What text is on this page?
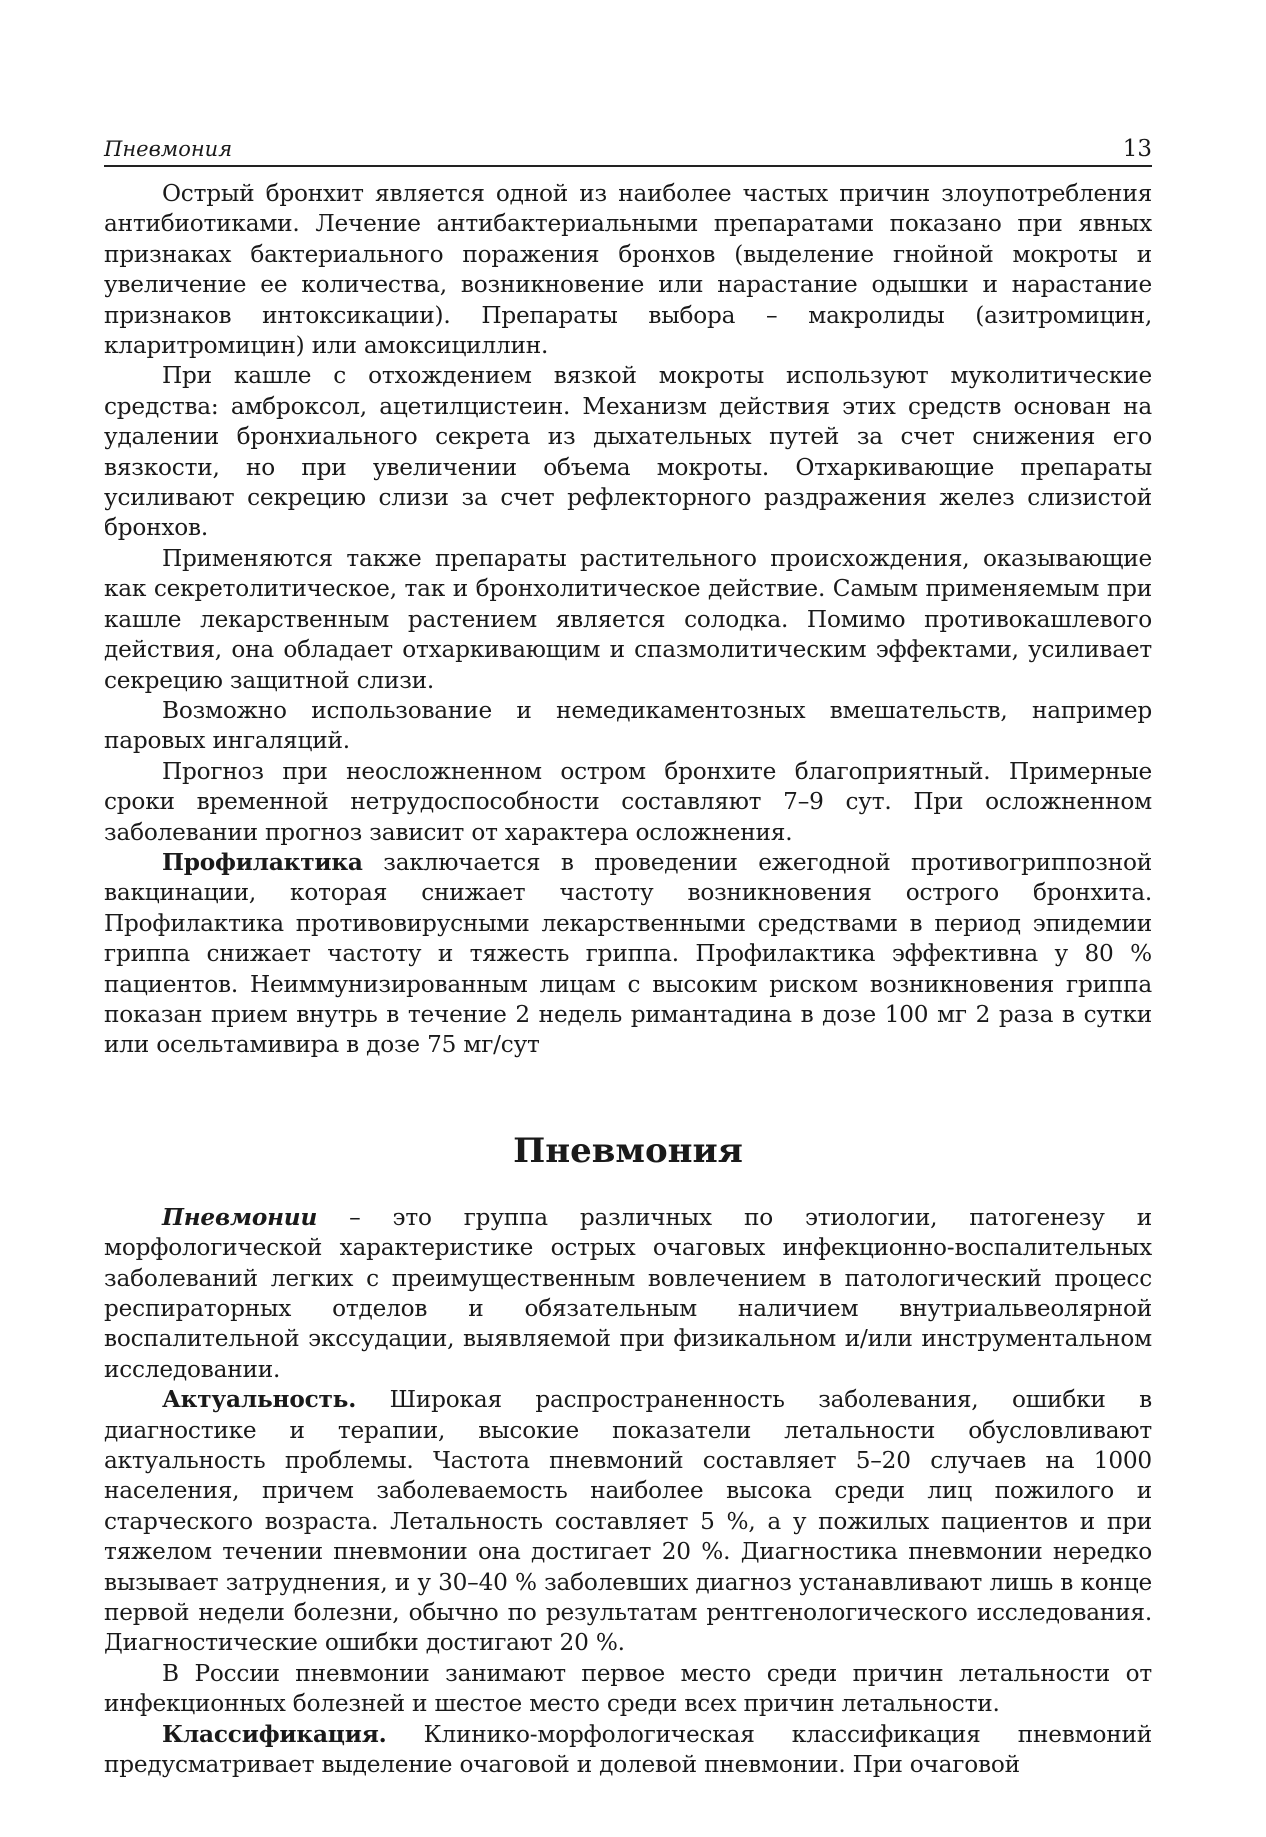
Пневмония	13

Острый бронхит является одной из наиболее частых причин злоупотребления антибиотиками. Лечение антибактериальными препаратами показано при явных признаках бактериального поражения бронхов (выделение гнойной мокроты и увеличение ее количества, возникновение или нарастание одышки и нарастание признаков интоксикации). Препараты выбора – макролиды (азитромицин, кларитромицин) или амоксициллин.

При кашле с отхождением вязкой мокроты используют муколитические средства: амброксол, ацетилцистеин. Механизм действия этих средств основан на удалении бронхиального секрета из дыхательных путей за счет снижения его вязкости, но при увеличении объема мокроты. Отхаркивающие препараты усиливают секрецию слизи за счет рефлекторного раздражения желез слизистой бронхов.

Применяются также препараты растительного происхождения, оказывающие как секретолитическое, так и бронхолитическое действие. Самым применяемым при кашле лекарственным растением является солодка. Помимо противокашлевого действия, она обладает отхаркивающим и спазмолитическим эффектами, усиливает секрецию защитной слизи.

Возможно использование и немедикаментозных вмешательств, например паровых ингаляций.

Прогноз при неосложненном остром бронхите благоприятный. Примерные сроки временной нетрудоспособности составляют 7–9 сут. При осложненном заболевании прогноз зависит от характера осложнения.

Профилактика заключается в проведении ежегодной противогриппозной вакцинации, которая снижает частоту возникновения острого бронхита. Профилактика противовирусными лекарственными средствами в период эпидемии гриппа снижает частоту и тяжесть гриппа. Профилактика эффективна у 80 % пациентов. Неиммунизированным лицам с высоким риском возникновения гриппа показан прием внутрь в течение 2 недель римантадина в дозе 100 мг 2 раза в сутки или осельтамивира в дозе 75 мг/сут

Пневмония

Пневмонии – это группа различных по этиологии, патогенезу и морфологической характеристике острых очаговых инфекционно-воспалительных заболеваний легких с преимущественным вовлечением в патологический процесс респираторных отделов и обязательным наличием внутриальвеолярной воспалительной экссудации, выявляемой при физикальном и/или инструментальном исследовании.

Актуальность. Широкая распространенность заболевания, ошибки в диагностике и терапии, высокие показатели летальности обусловливают актуальность проблемы. Частота пневмоний составляет 5–20 случаев на 1000 населения, причем заболеваемость наиболее высока среди лиц пожилого и старческого возраста. Летальность составляет 5 %, а у пожилых пациентов и при тяжелом течении пневмонии она достигает 20 %. Диагностика пневмонии нередко вызывает затруднения, и у 30–40 % заболевших диагноз устанавливают лишь в конце первой недели болезни, обычно по результатам рентгенологического исследования. Диагностические ошибки достигают 20 %.

В России пневмонии занимают первое место среди причин летальности от инфекционных болезней и шестое место среди всех причин летальности.

Классификация. Клинико-морфологическая классификация пневмоний предусматривает выделение очаговой и долевой пневмонии. При очаговой
